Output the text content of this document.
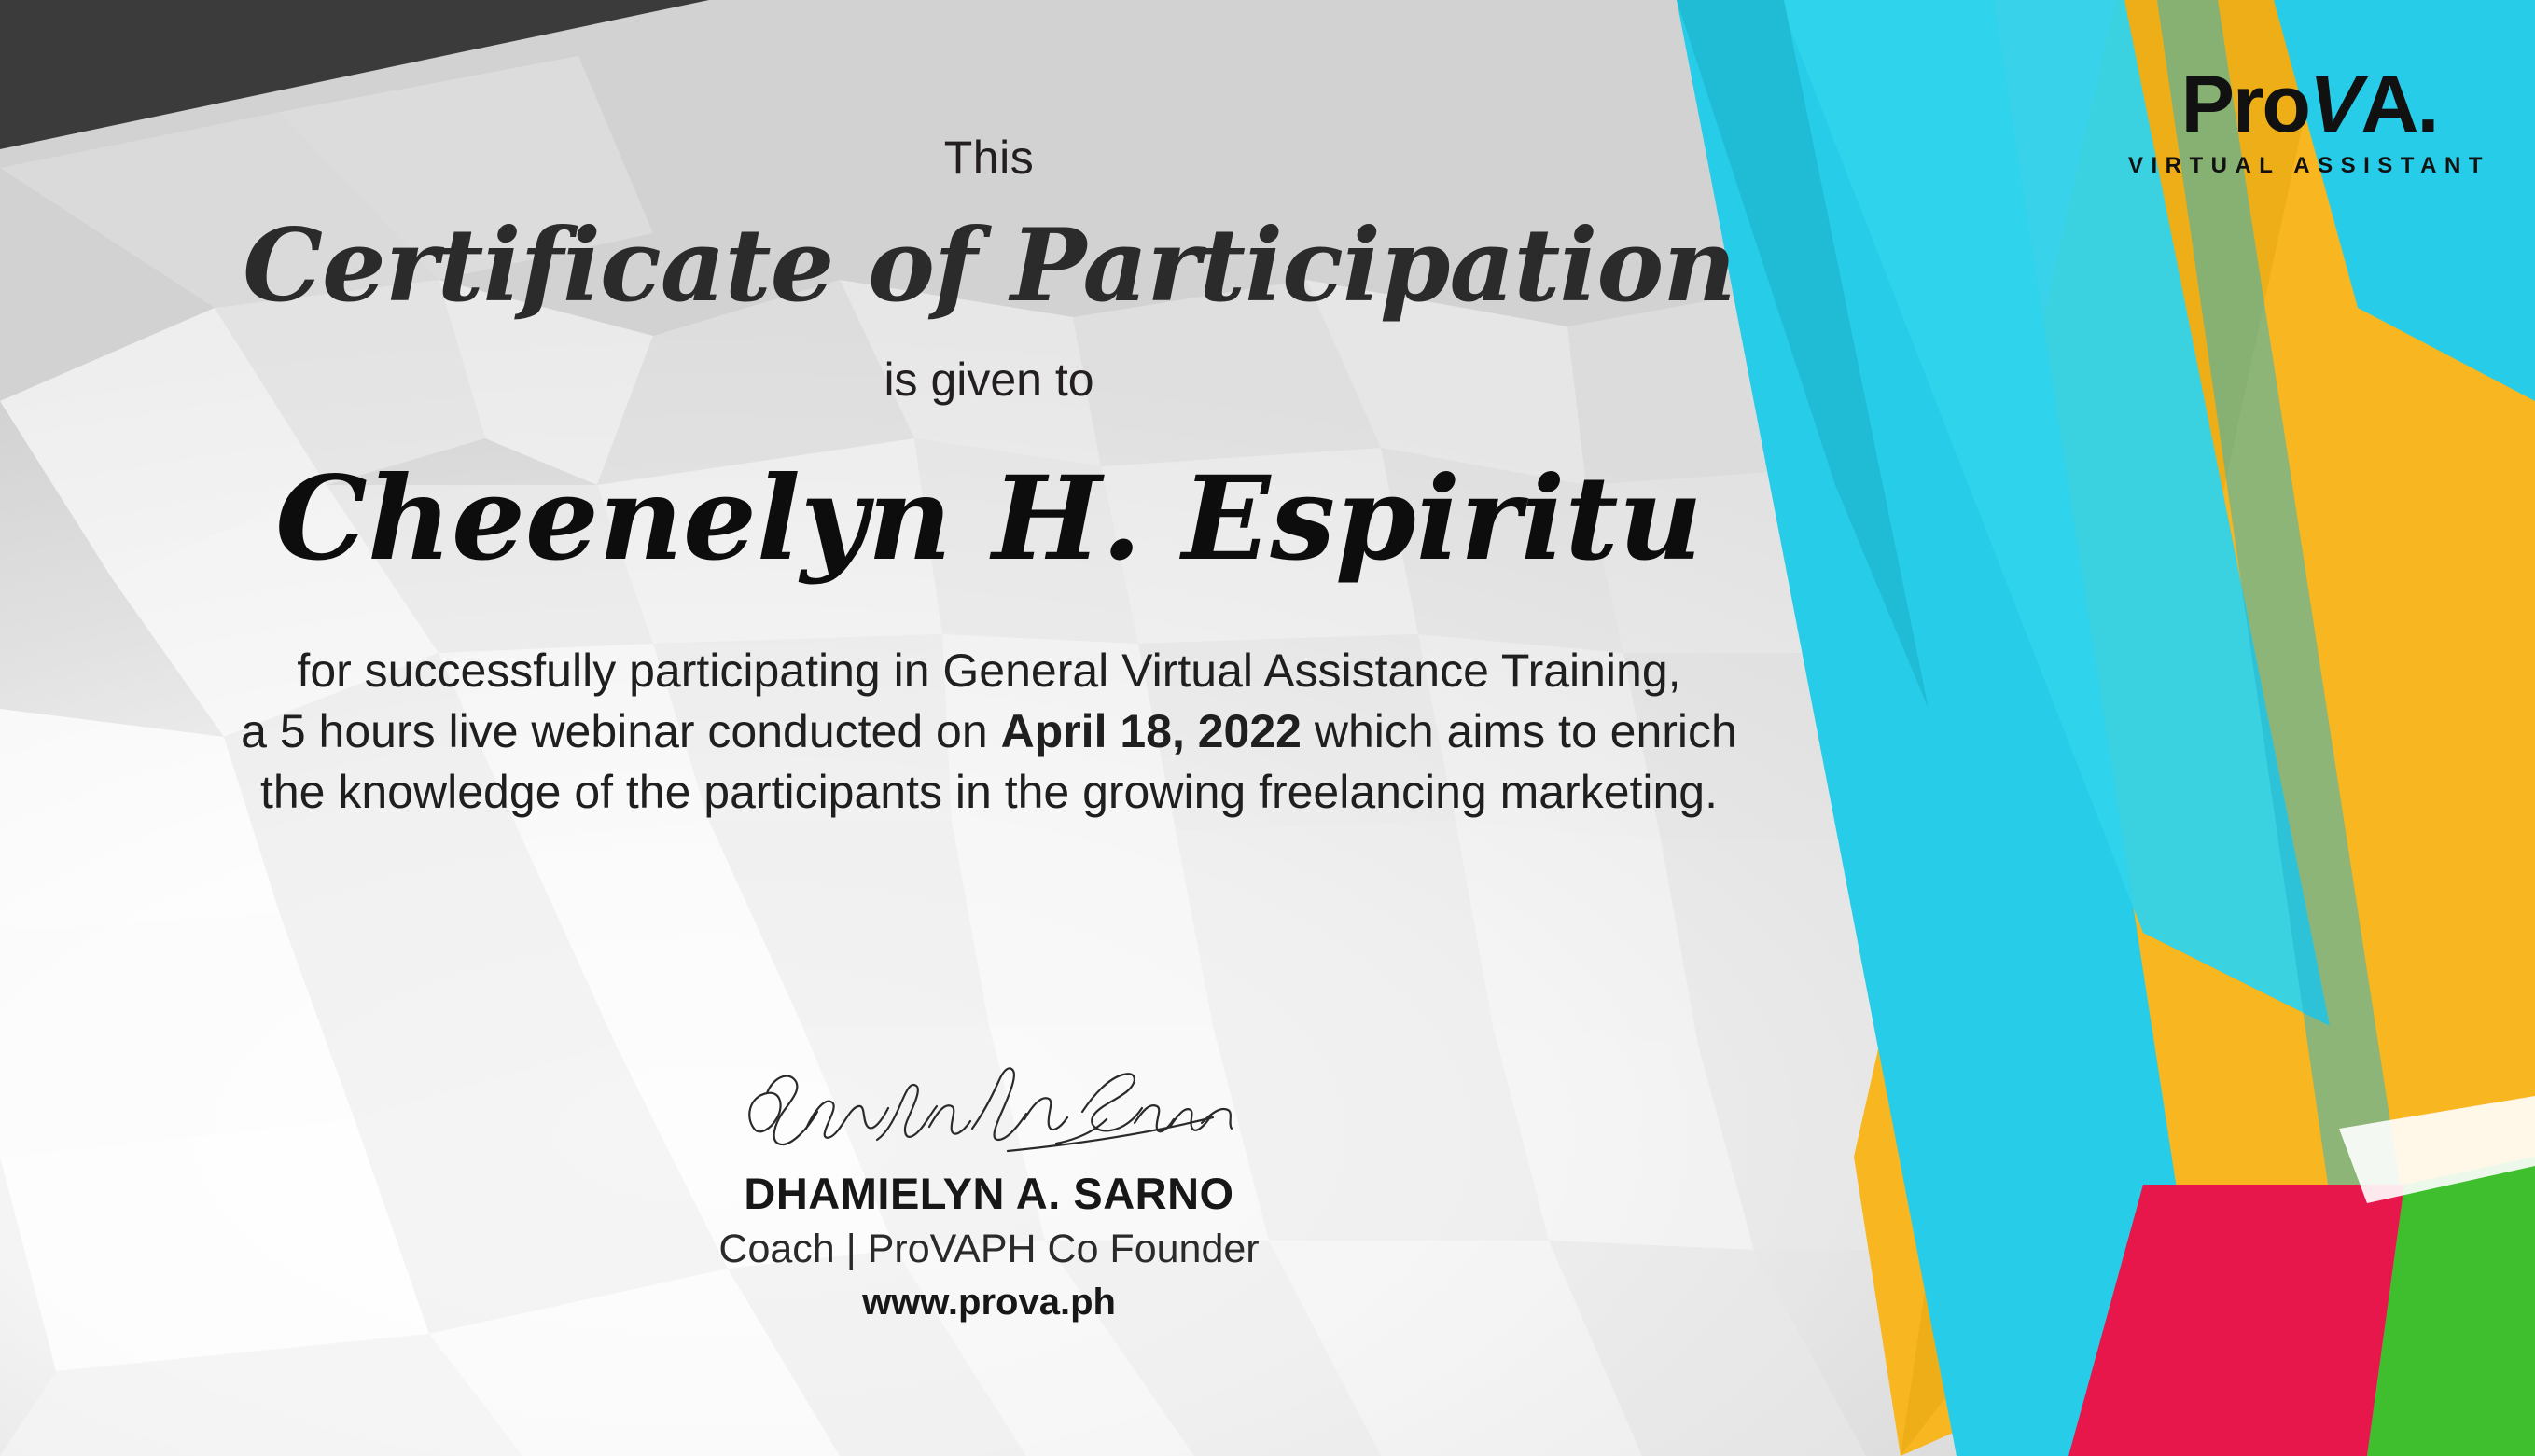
ProVA.
VIRTUAL ASSISTANT
This
Certificate of Participation
is given to
Cheenelyn H. Espiritu
for successfully participating in General Virtual Assistance Training,
a 5 hours live webinar conducted on April 18, 2022 which aims to enrich
the knowledge of the participants in the growing freelancing marketing.
DHAMIELYN A. SARNO
Coach | ProVAPH Co Founder
www.prova.ph
